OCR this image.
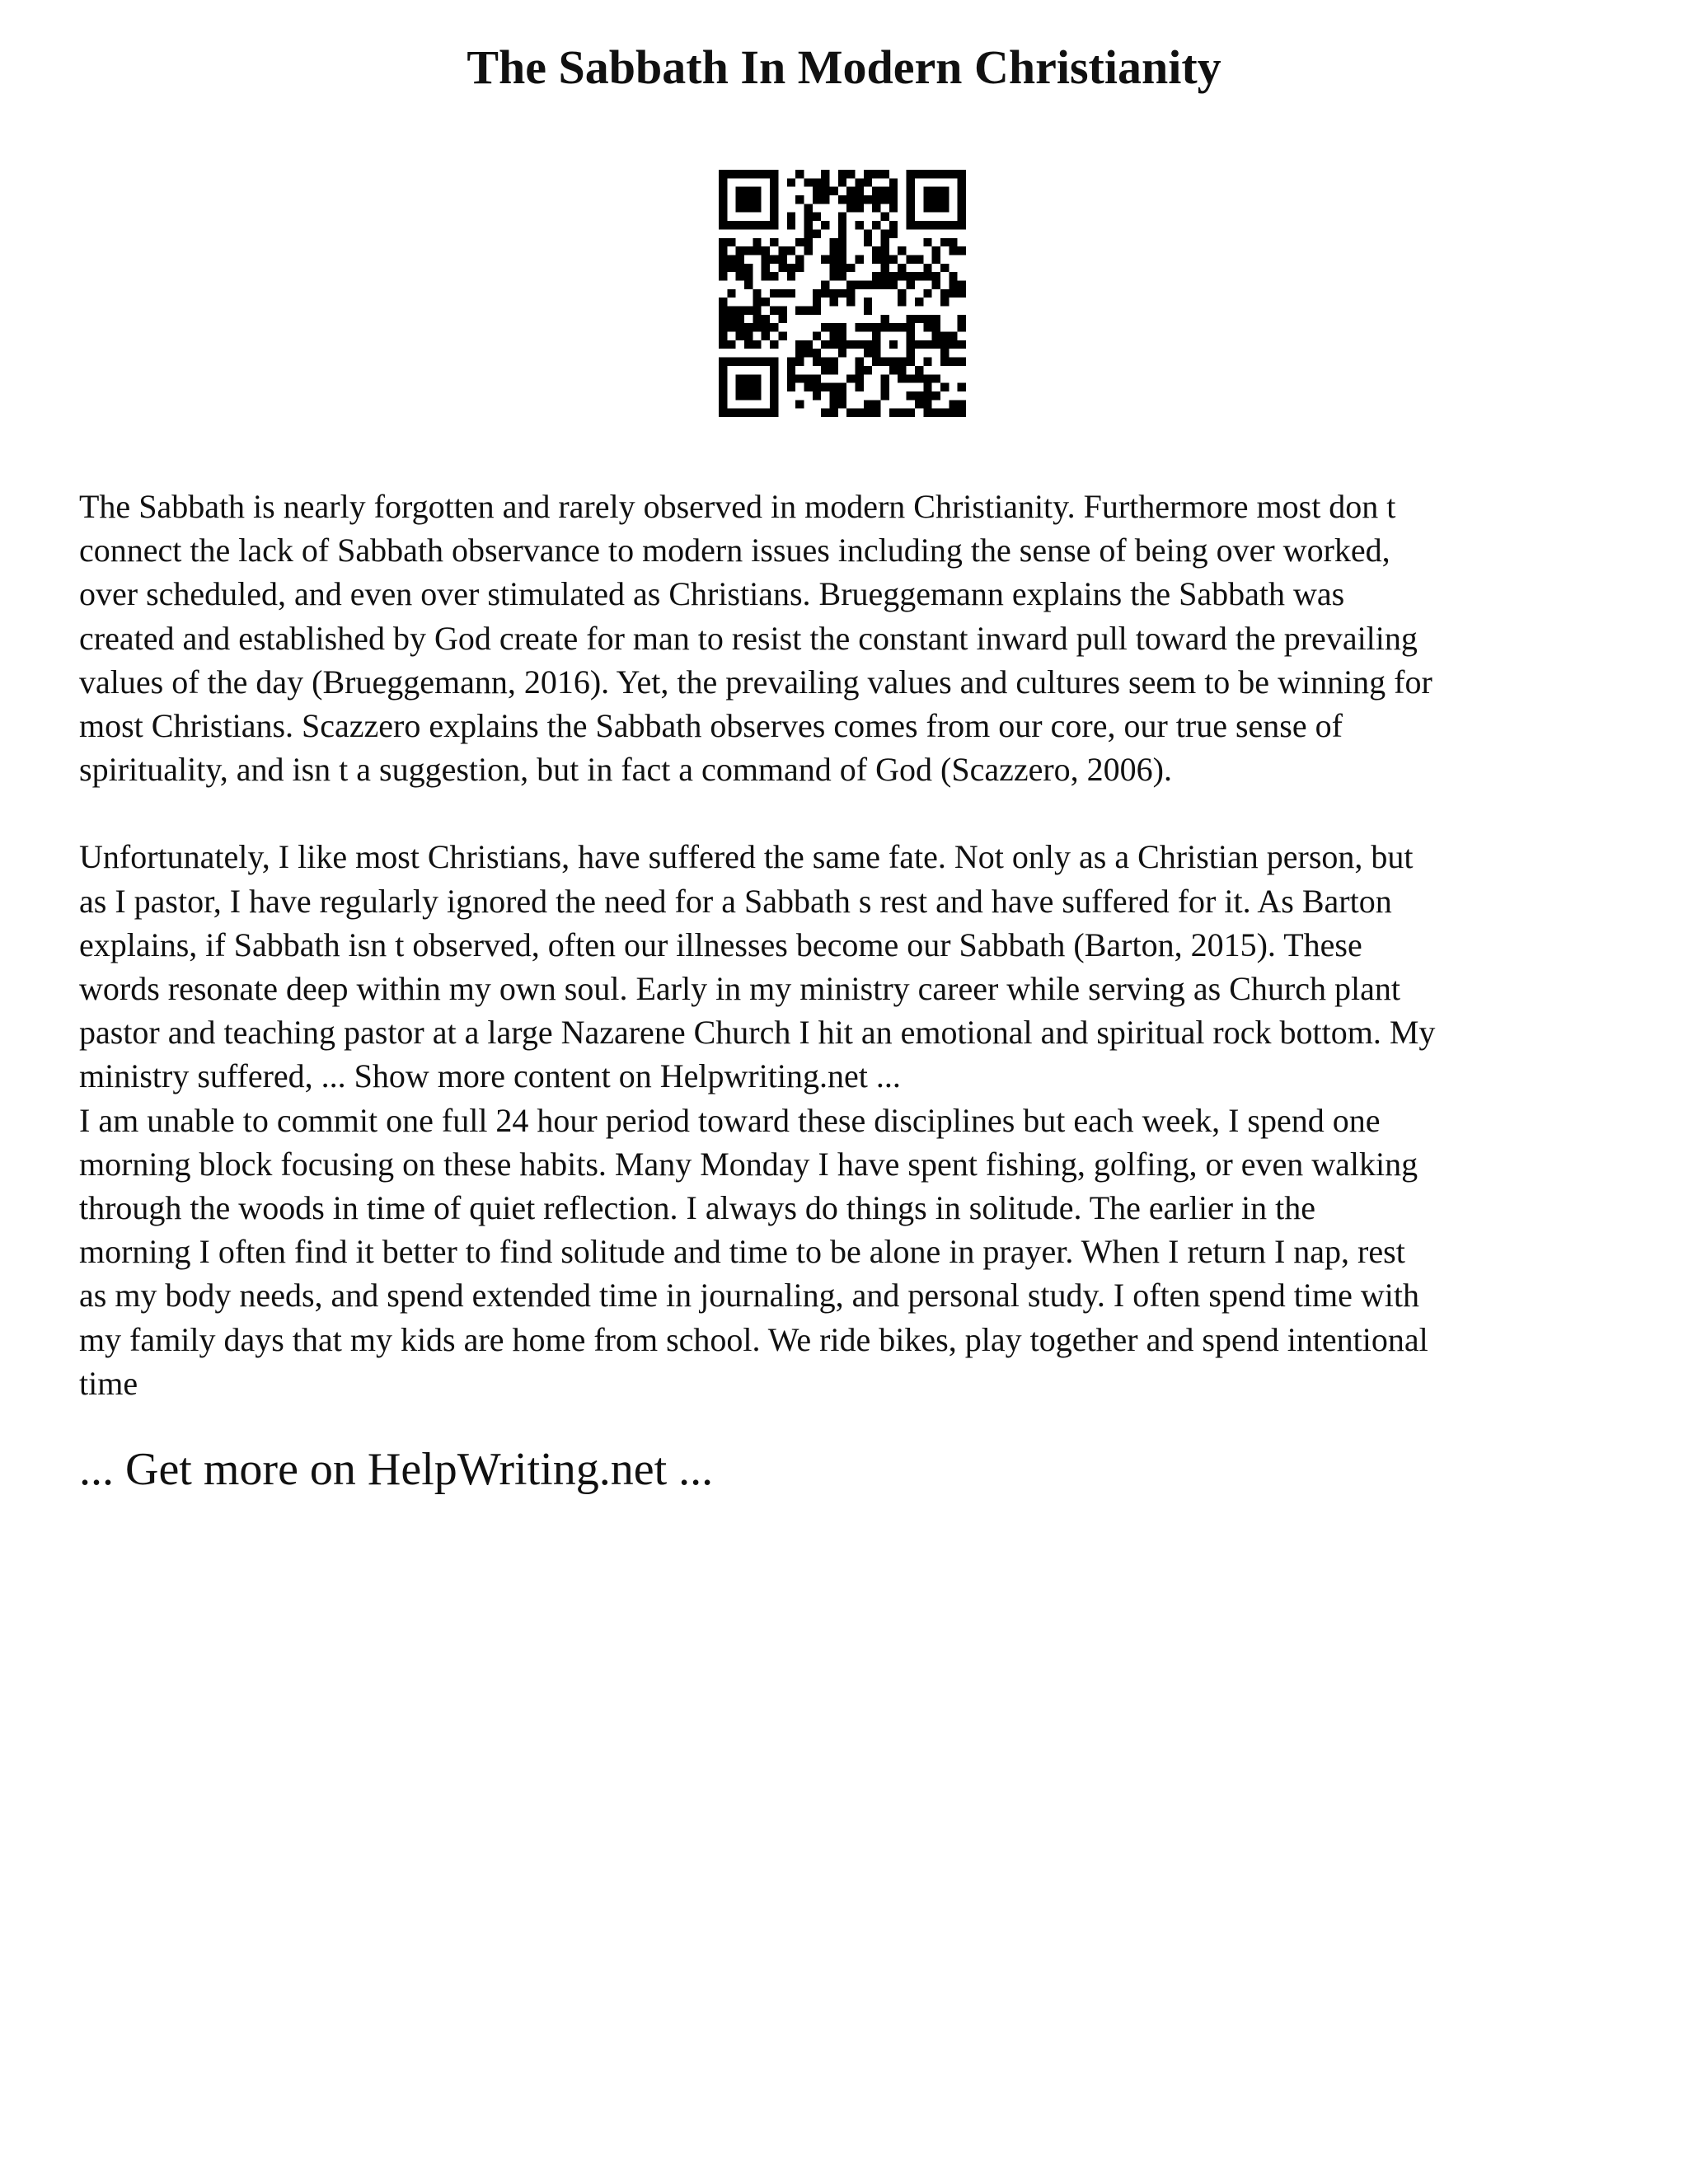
The Sabbath In Modern Christianity

The Sabbath is nearly forgotten and rarely observed in modern Christianity. Furthermore most don t
connect the lack of Sabbath observance to modern issues including the sense of being over worked,
over scheduled, and even over stimulated as Christians. Brueggemann explains the Sabbath was
created and established by God create for man to resist the constant inward pull toward the prevailing
values of the day (Brueggemann, 2016). Yet, the prevailing values and cultures seem to be winning for
most Christians. Scazzero explains the Sabbath observes comes from our core, our true sense of
spirituality, and isn t a suggestion, but in fact a command of God (Scazzero, 2006).

Unfortunately, I like most Christians, have suffered the same fate. Not only as a Christian person, but
as I pastor, I have regularly ignored the need for a Sabbath s rest and have suffered for it. As Barton
explains, if Sabbath isn t observed, often our illnesses become our Sabbath (Barton, 2015). These
words resonate deep within my own soul. Early in my ministry career while serving as Church plant
pastor and teaching pastor at a large Nazarene Church I hit an emotional and spiritual rock bottom. My
ministry suffered, ... Show more content on Helpwriting.net ...

I am unable to commit one full 24 hour period toward these disciplines but each week, I spend one
morning block focusing on these habits. Many Monday I have spent fishing, golfing, or even walking
through the woods in time of quiet reflection. I always do things in solitude. The earlier in the
morning I often find it better to find solitude and time to be alone in prayer. When I return I nap, rest
as my body needs, and spend extended time in journaling, and personal study. I often spend time with
my family days that my kids are home from school. We ride bikes, play together and spend intentional
time

... Get more on HelpWriting.net ...
